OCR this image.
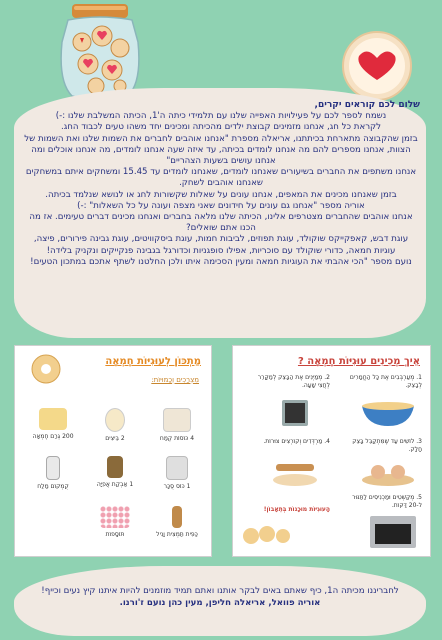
שלום לכם קוראים יקרים,

נשמח לספר לכם על פעילויות האפייה שלנו עם תלמידי כיתה ה'1, הכיתה המשלבת שלנו :-)

לקראת כל חג, אנחנו מזמינים קבוצת ילדים מהכיתה ומכינים יחד משהו טעים לכבוד החג.

בזמן שהקבוצה מתארחת בכיתתנו, אריאלה מספרת "אנחנו אוהבים לחברים את השמות שלנו ואת השמות של הצוות, אנחנו מספרים להם מה אנחנו לומדים בכיתה, עד איזה שעה אנחנו לומדים, מה אנחנו אוכלים ומה אנחנו עושים בשעות הצהריים"

אנחנו משתפים את החברים בשיעורים שאנחנו לומדים, שאנחנו לומדים עד 15.45 ומשחקים איתם במשחקים שאנחנו אוהבים לשחק.

בזמן שאנחנו מכינים את המאפים, אנחנו עונים על שאלות שקשורות לחג או לנושא שנלמד בכיתה.

אוריה מספר "אנחנו גם עונים על חידונים שאני מצפה ועונה על כל השאלות" :-)

אנחנו אוהבים שהחברים מצטרפים אלינו, הכיתה שלנו מלאה בחברים ואנחנו מכינים דברים טעימים. אז מה הכנו אתם שואלים?

עוגת דבש, קאפקייקס שוקולד, עוגת תפוזים, לביבות חמות, עוגת ביסקוויטים, עוגת גבינה פירורים, פיצה, עוגיות חמאה, כדורי שוקולד עם סוכריות, אפילו סופגניות וכדורגל בגבינה פנקייקים ונקניק בלידה!

נועם מספר "הכי אהבתי את העוגיות חמאה ומעין הסכימה איתו ולכן החלטנו לשתף אתכם במתכון הטעים!

מַתְכּוֹן לְעוּגִיּוֹת חֶמְאָה
מִצְרָכִים וְכַמּוּיוֹת:
4 כּוֹסוֹת קֶמַח
2 בֵּיצִים
200 גְּרַם חֶמְאָה
1 כּוֹס סֻכָּר
1 אַבְקַת אֲפִיָּה
קֻמְקוֹם מַלַח
כַּפִּית תַּמְצִית וָנִיל
תּוֹסָפוֹת
אֵיךְ מְכִינִים עוּגִיּוֹת חֶמְאָה ?
1. מְעַרְבְּבִים אֶת כָּל הַחֳמָרִים לְבָצֵק.
2. מְמַיְּנִים אֶת הַבָּצֵק לְמַקָּרֵר לְחֲצִי שָׁעָה.
3. לוֹשִׁים עַד שֶׁמִּתְקַבֵּל בָּצֵק חָלָק.
4. מַרְדְּדִים וְקוֹרְצִים צוּרוֹת.
5. מְקַשְּׁטִים וּמַכְנִיסִים לַתַּנּוּר ל-20 דַּקּוֹת.
הָעוּגִיּוֹת מוּכָנוֹת בְּתֵאָבוֹן!

לחבריננו מכיתה ה1, כיף שאתם באים לבקר אותנו ואתם תמיד מוזמנים להיות איתנו קיץ נעים וכייף!

אוריה פוואל, אריאלה חליפן, מעין כהן נועם ז'ורנו.
